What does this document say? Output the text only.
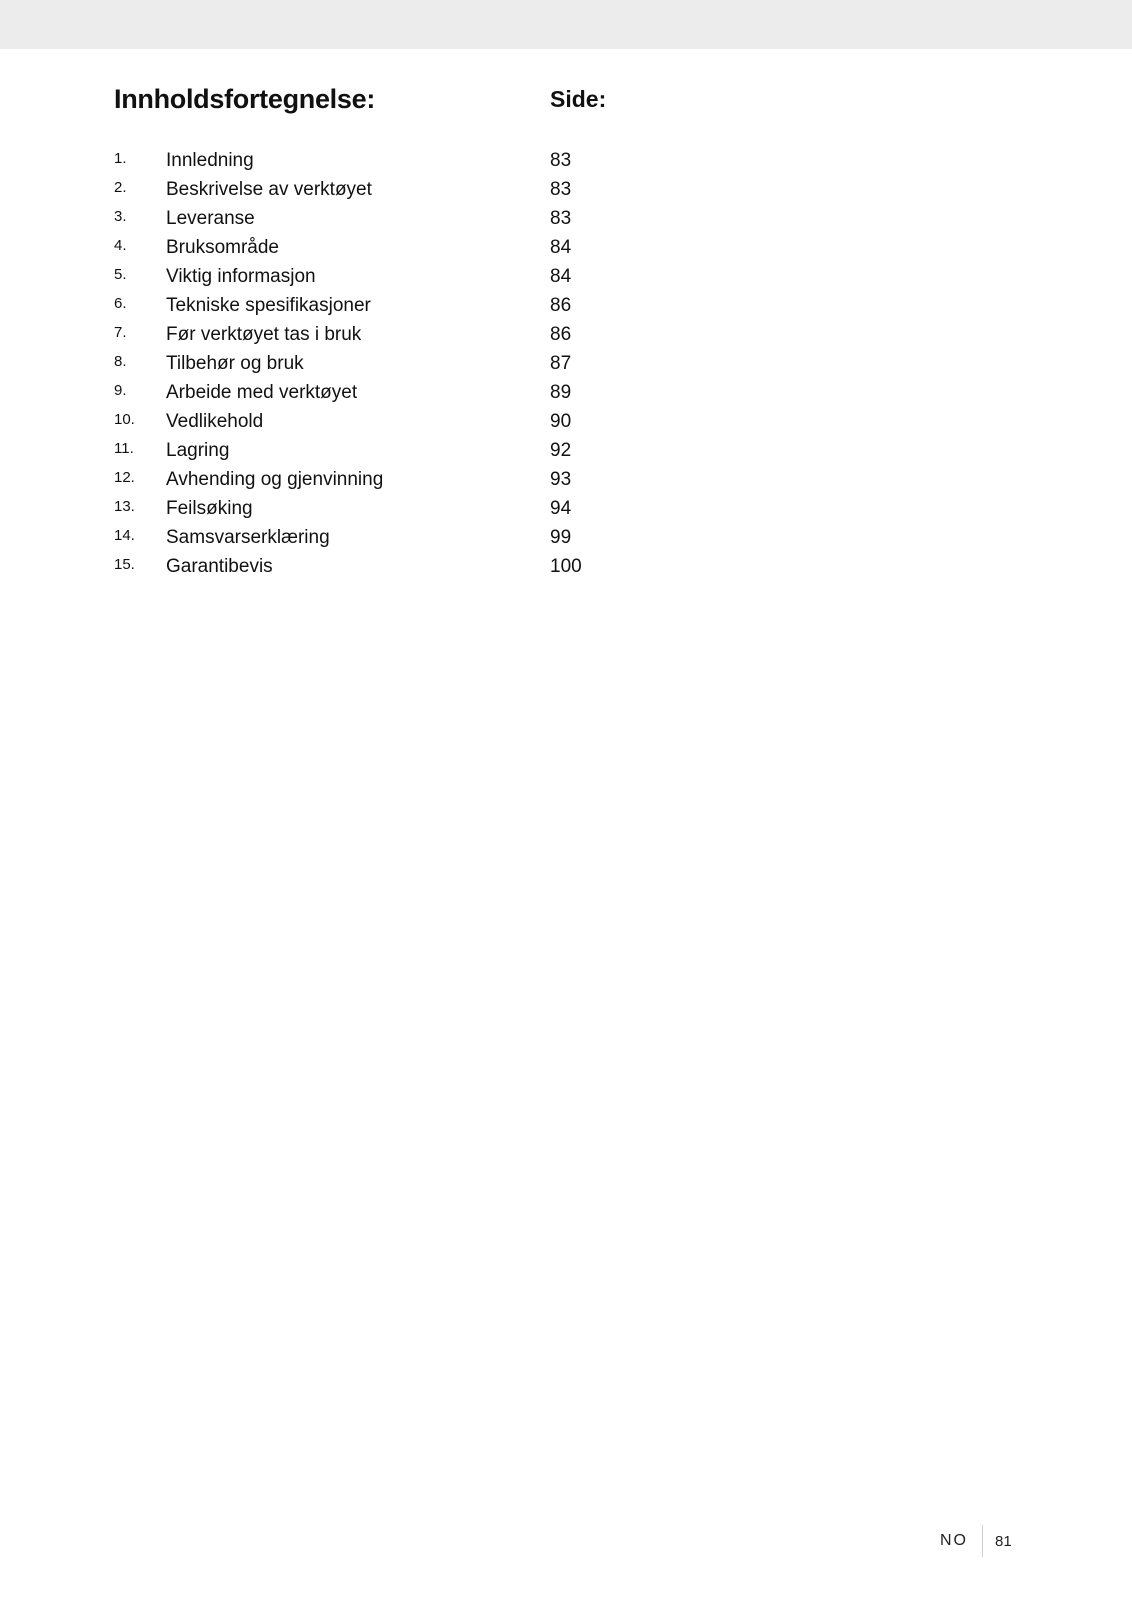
Innholdsfortegnelse:	Side:
1. Innledning	83
2. Beskrivelse av verktøyet	83
3. Leveranse	83
4. Bruksområde	84
5. Viktig informasjon	84
6. Tekniske spesifikasjoner	86
7. Før verktøyet tas i bruk	86
8. Tilbehør og bruk	87
9. Arbeide med verktøyet	89
10. Vedlikehold	90
11. Lagring	92
12. Avhending og gjenvinning	93
13. Feilsøking	94
14. Samsvarserklæring	99
15. Garantibevis	100
NO	81
